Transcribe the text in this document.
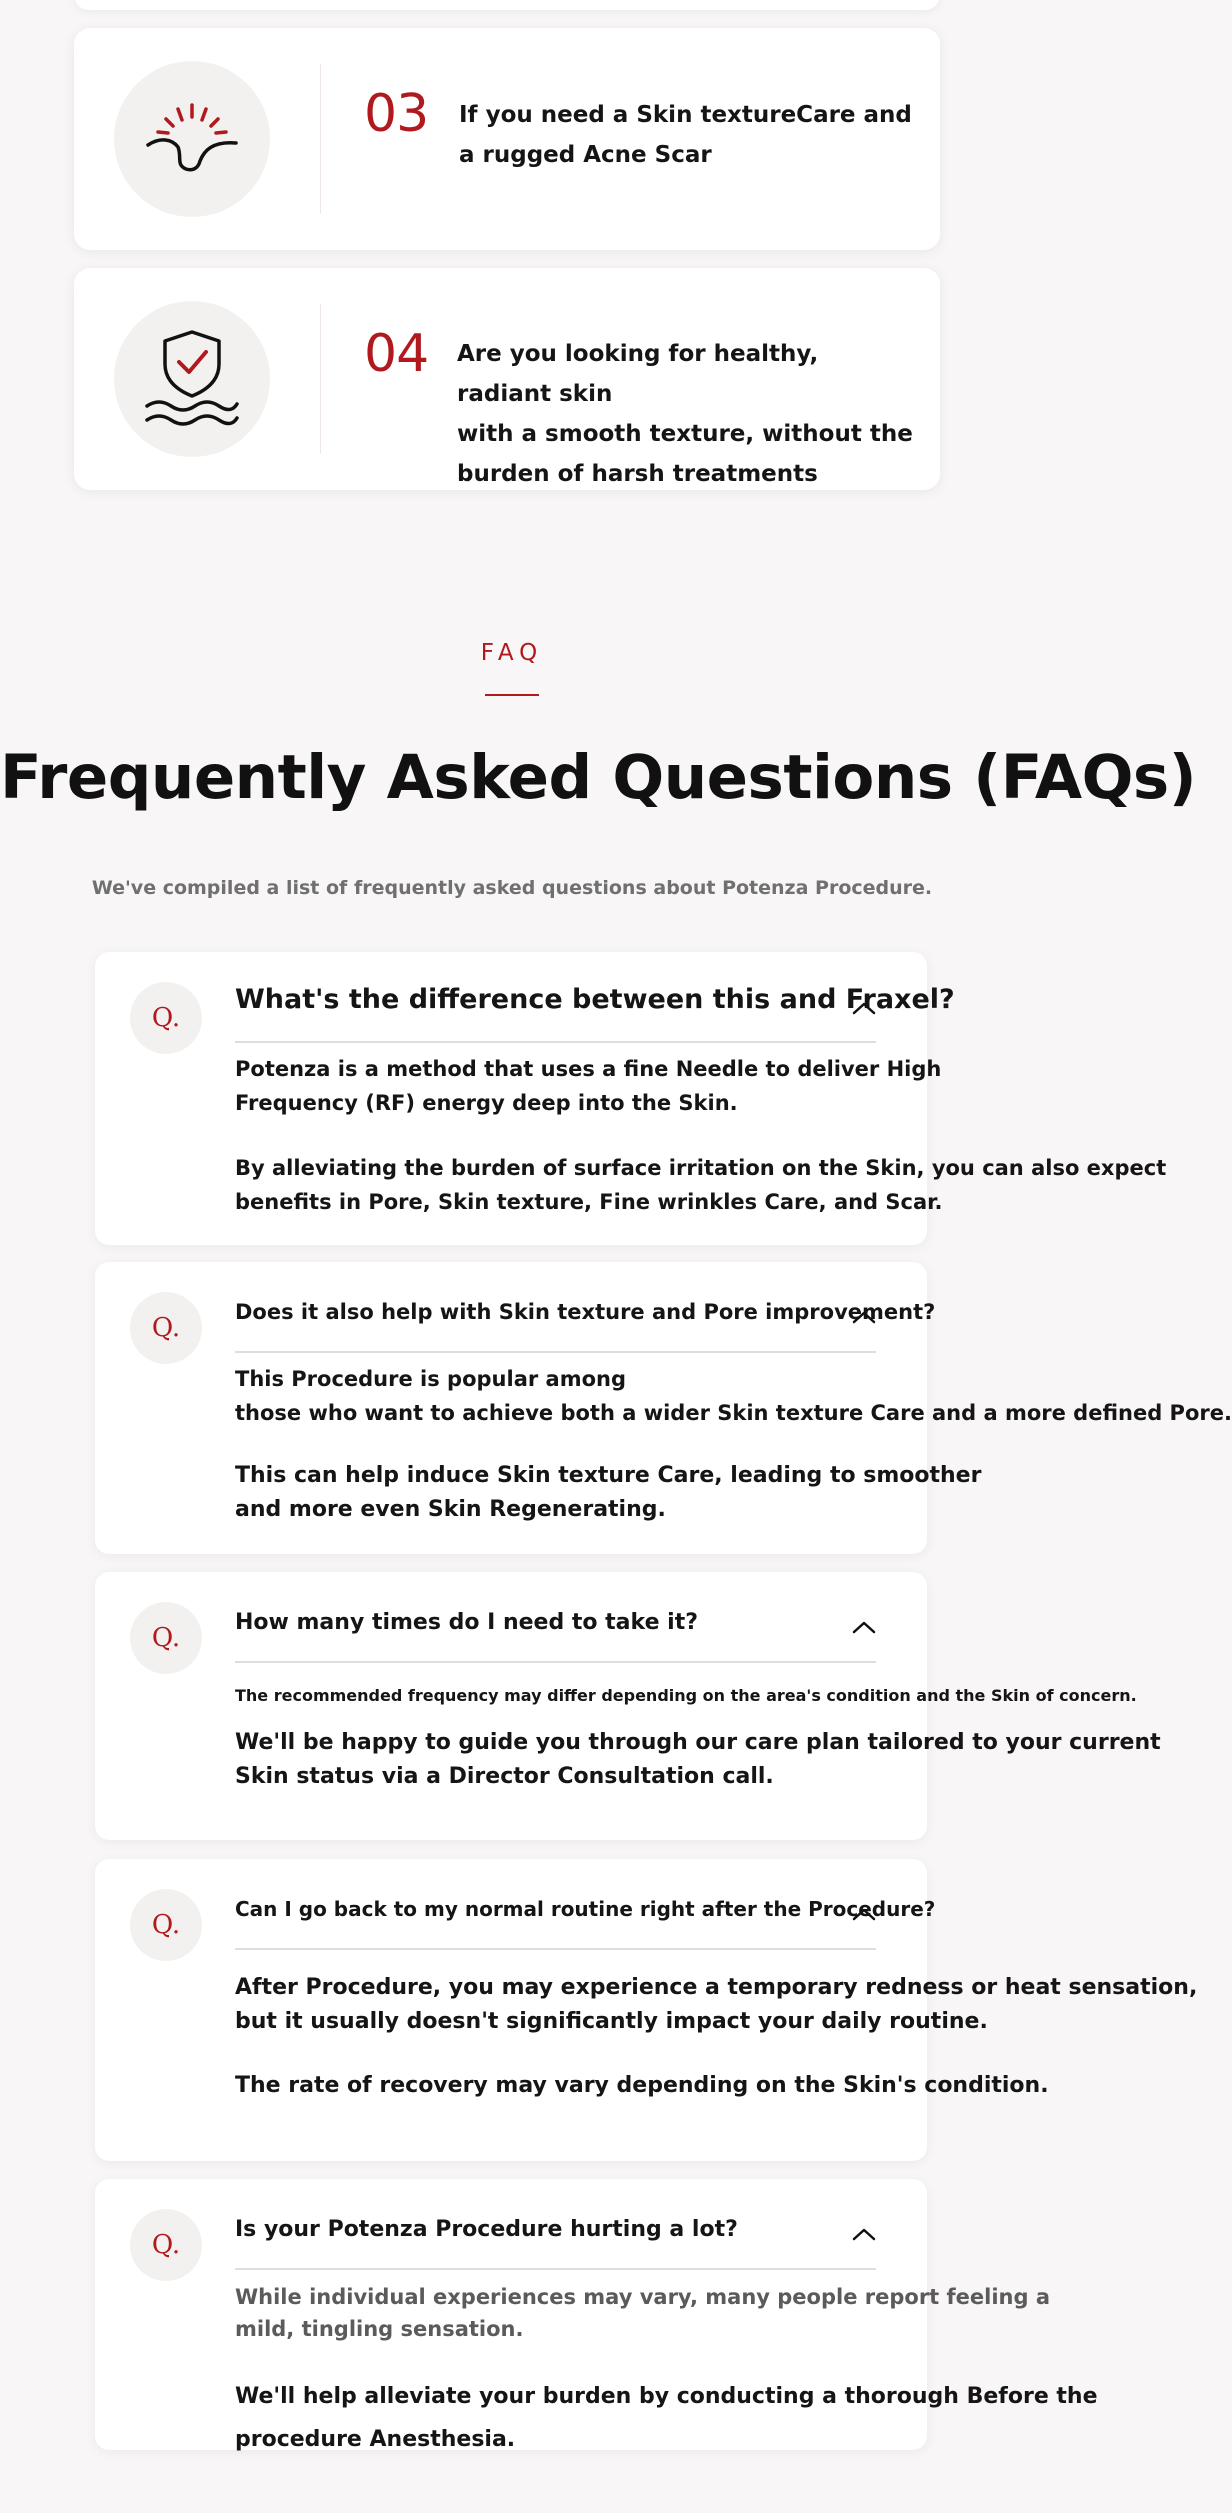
03 If you need a Skin textureCare and
a rugged Acne Scar
04 Are you looking for healthy, radiant skin
with a smooth texture, without the
burden of harsh treatments
FAQ
Frequently Asked Questions (FAQs)

We've compiled a list of frequently asked questions about Potenza Procedure.

Q.
What's the difference between this and Fraxel?
Potenza is a method that uses a fine Needle to deliver High
Frequency (RF) energy deep into the Skin.
By alleviating the burden of surface irritation on the Skin, you can also expect
benefits in Pore, Skin texture, Fine wrinkles Care, and Scar.
Q.
Does it also help with Skin texture and Pore improvement?
This Procedure is popular among
those who want to achieve both a wider Skin texture Care and a more defined Pore.
This can help induce Skin texture Care, leading to smoother
and more even Skin Regenerating.
Q.
How many times do I need to take it?
The recommended frequency may differ depending on the area's condition and the Skin of concern.
We'll be happy to guide you through our care plan tailored to your current
Skin status via a Director Consultation call.
Q.
Can I go back to my normal routine right after the Procedure?
After Procedure, you may experience a temporary redness or heat sensation,
but it usually doesn't significantly impact your daily routine.
The rate of recovery may vary depending on the Skin's condition.
Q.
Is your Potenza Procedure hurting a lot?
While individual experiences may vary, many people report feeling a
mild, tingling sensation.
We'll help alleviate your burden by conducting a thorough Before the
procedure Anesthesia.
